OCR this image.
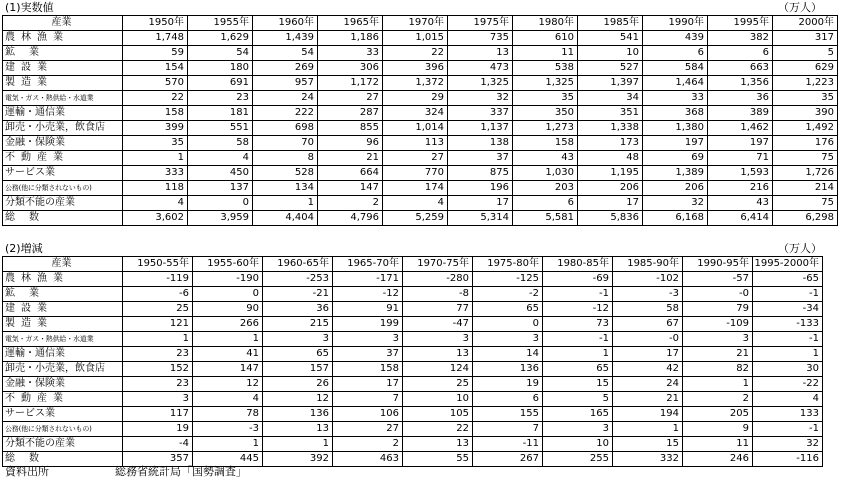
(1)実数値	（万人）
産業	1950年	1955年	1960年	1965年	1970年	1975年	1980年	1985年	1990年	1995年	2000年
農林漁業	1,748	1,629	1,439	1,186	1,015	735	610	541	439	382	317
鉱業	59	54	54	33	22	13	11	10	6	6	5
建設業	154	180	269	306	396	473	538	527	584	663	629
製造業	570	691	957	1,172	1,372	1,325	1,325	1,397	1,464	1,356	1,223
電気・ガス・熱供給・水道業	22	23	24	27	29	32	35	34	33	36	35
運輸・通信業	158	181	222	287	324	337	350	351	368	389	390
卸売・小売業，飲食店	399	551	698	855	1,014	1,137	1,273	1,338	1,380	1,462	1,492
金融・保険業	35	58	70	96	113	138	158	173	197	197	176
不動産業	1	4	8	21	27	37	43	48	69	71	75
サービス業	333	450	528	664	770	875	1,030	1,195	1,389	1,593	1,726
公務(他に分類されないもの)	118	137	134	147	174	196	203	206	206	216	214
分類不能の産業	4	0	1	2	4	17	6	17	32	43	75
総数	3,602	3,959	4,404	4,796	5,259	5,314	5,581	5,836	6,168	6,414	6,298
(2)増減	（万人）
産業	1950-55年	1955-60年	1960-65年	1965-70年	1970-75年	1975-80年	1980-85年	1985-90年	1990-95年	1995-2000年
農林漁業	-119	-190	-253	-171	-280	-125	-69	-102	-57	-65
鉱業	-6	0	-21	-12	-8	-2	-1	-3	-0	-1
建設業	25	90	36	91	77	65	-12	58	79	-34
製造業	121	266	215	199	-47	0	73	67	-109	-133
電気・ガス・熱供給・水道業	1	1	3	3	3	3	-1	-0	3	-1
運輸・通信業	23	41	65	37	13	14	1	17	21	1
卸売・小売業，飲食店	152	147	157	158	124	136	65	42	82	30
金融・保険業	23	12	26	17	25	19	15	24	1	-22
不動産業	3	4	12	7	10	6	5	21	2	4
サービス業	117	78	136	106	105	155	165	194	205	133
公務(他に分類されないもの)	19	-3	13	27	22	7	3	1	9	-1
分類不能の産業	-4	1	1	2	13	-11	10	15	11	32
総数	357	445	392	463	55	267	255	332	246	-116
資料出所	総務省統計局「国勢調査」
